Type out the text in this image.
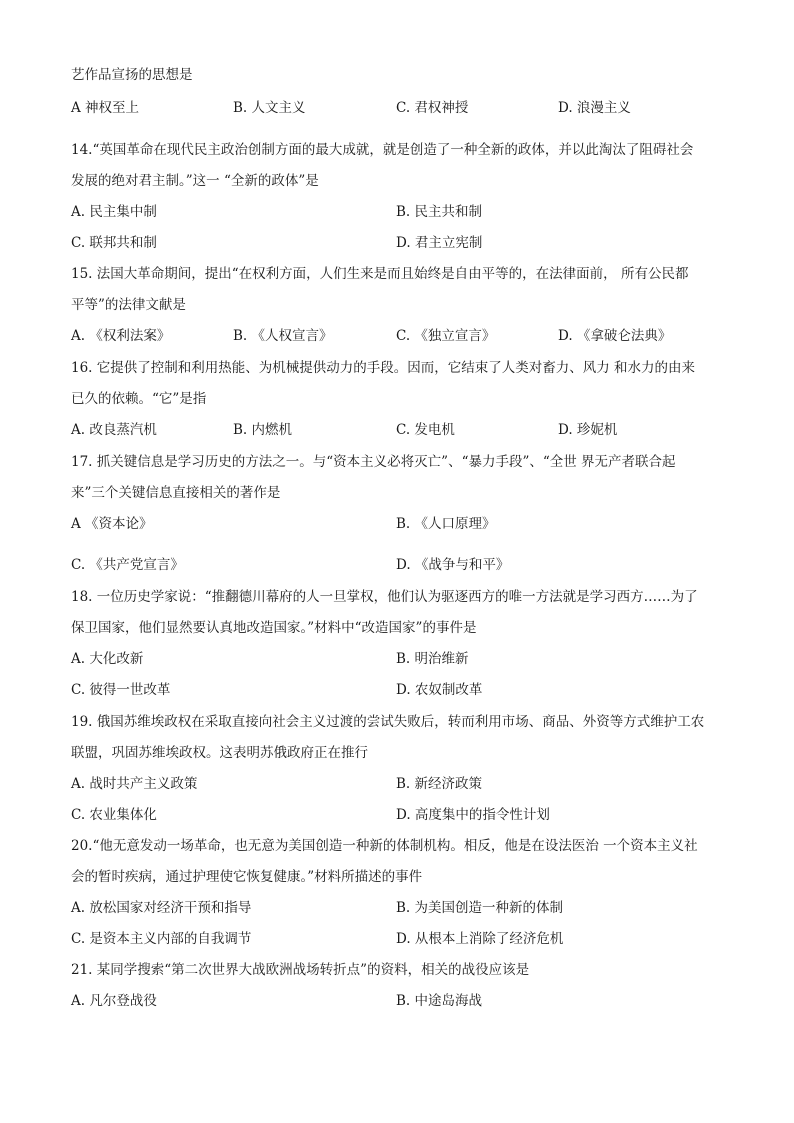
艺作品宣扬的思想是
A 神权至上	B. 人文主义	C. 君权神授	D. 浪漫主义
14.“英国革命在现代民主政治创制方面的最大成就，就是创造了一种全新的政体，并以此淘汰了阻碍社会
发展的绝对君主制。”这一 “全新的政体”是
A. 民主集中制	B. 民主共和制
C. 联邦共和制	D. 君主立宪制
15. 法国大革命期间，提出“在权利方面，人们生来是而且始终是自由平等的，在法律面前， 所有公民都
平等”的法律文献是
A. 《权利法案》	B. 《人权宣言》	C. 《独立宣言》	D. 《拿破仑法典》
16. 它提供了控制和利用热能、为机械提供动力的手段。因而，它结束了人类对畜力、风力 和水力的由来
已久的依赖。“它”是指
A. 改良蒸汽机	B. 内燃机	C. 发电机	D. 珍妮机
17. 抓关键信息是学习历史的方法之一。与“资本主义必将灭亡”、“暴力手段”、“全世 界无产者联合起
来”三个关键信息直接相关的著作是
A 《资本论》	B. 《人口原理》
C. 《共产党宣言》	D. 《战争与和平》
18. 一位历史学家说：“推翻德川幕府的人一旦掌权，他们认为驱逐西方的唯一方法就是学习西方……为了
保卫国家，他们显然要认真地改造国家。”材料中“改造国家”的事件是
A. 大化改新	B. 明治维新
C. 彼得一世改革	D. 农奴制改革
19. 俄国苏维埃政权在采取直接向社会主义过渡的尝试失败后，转而利用市场、商品、外资等方式维护工农
联盟，巩固苏维埃政权。这表明苏俄政府正在推行
A. 战时共产主义政策	B. 新经济政策
C. 农业集体化	D. 高度集中的指令性计划
20.“他无意发动一场革命，也无意为美国创造一种新的体制机构。相反，他是在设法医治 一个资本主义社
会的暂时疾病，通过护理使它恢复健康。”材料所描述的事件
A. 放松国家对经济干预和指导	B. 为美国创造一种新的体制
C. 是资本主义内部的自我调节	D. 从根本上消除了经济危机
21. 某同学搜索“第二次世界大战欧洲战场转折点”的资料，相关的战役应该是
A. 凡尔登战役	B. 中途岛海战
